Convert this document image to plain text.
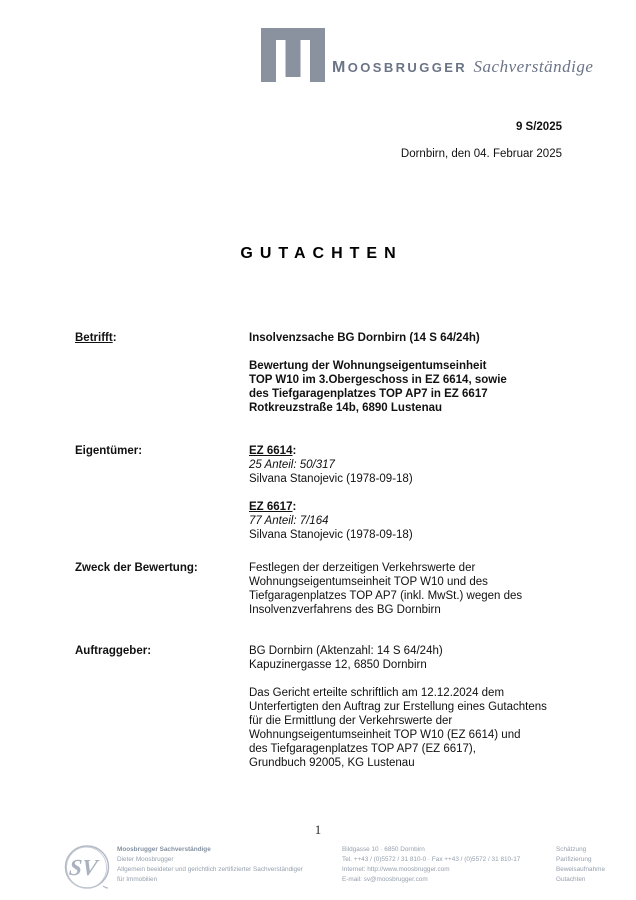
MOOSBRUGGER Sachverständige
9 S/2025
Dornbirn, den 04. Februar 2025
GUTACHTEN
Betrifft:	Insolvenzsache BG Dornbirn (14 S 64/24h)
Bewertung der Wohnungseigentumseinheit
TOP W10 im 3.Obergeschoss in EZ 6614, sowie
des Tiefgaragenplatzes TOP AP7 in EZ 6617
Rotkreuzstraße 14b, 6890 Lustenau
Eigentümer:	EZ 6614:
25 Anteil: 50/317
Silvana Stanojevic (1978-09-18)
EZ 6617:
77 Anteil: 7/164
Silvana Stanojevic (1978-09-18)
Zweck der Bewertung:	Festlegen der derzeitigen Verkehrswerte der
Wohnungseigentumseinheit TOP W10 und des
Tiefgaragenplatzes TOP AP7 (inkl. MwSt.) wegen des
Insolvenzverfahrens des BG Dornbirn
Auftraggeber:	BG Dornbirn (Aktenzahl: 14 S 64/24h)
Kapuzinergasse 12, 6850 Dornbirn
Das Gericht erteilte schriftlich am 12.12.2024 dem
Unterfertigten den Auftrag zur Erstellung eines Gutachtens
für die Ermittlung der Verkehrswerte der
Wohnungseigentumseinheit TOP W10 (EZ 6614) und
des Tiefgaragenplatzes TOP AP7 (EZ 6617),
Grundbuch 92005, KG Lustenau
1
SV
Moosbrugger Sachverständige
Dieter Moosbrugger
Allgemein beeideter und gerichtlich zertifizierter Sachverständiger
für Immobilien
Bildgasse 10 · 6850 Dornbirn
Tel. ++43 / (0)5572 / 31 810-0 · Fax ++43 / (0)5572 / 31 810-17
Internet: http://www.moosbrugger.com
E-mail: sv@moosbrugger.com
Schätzung
Parifizierung
Beweisaufnahme
Gutachten
